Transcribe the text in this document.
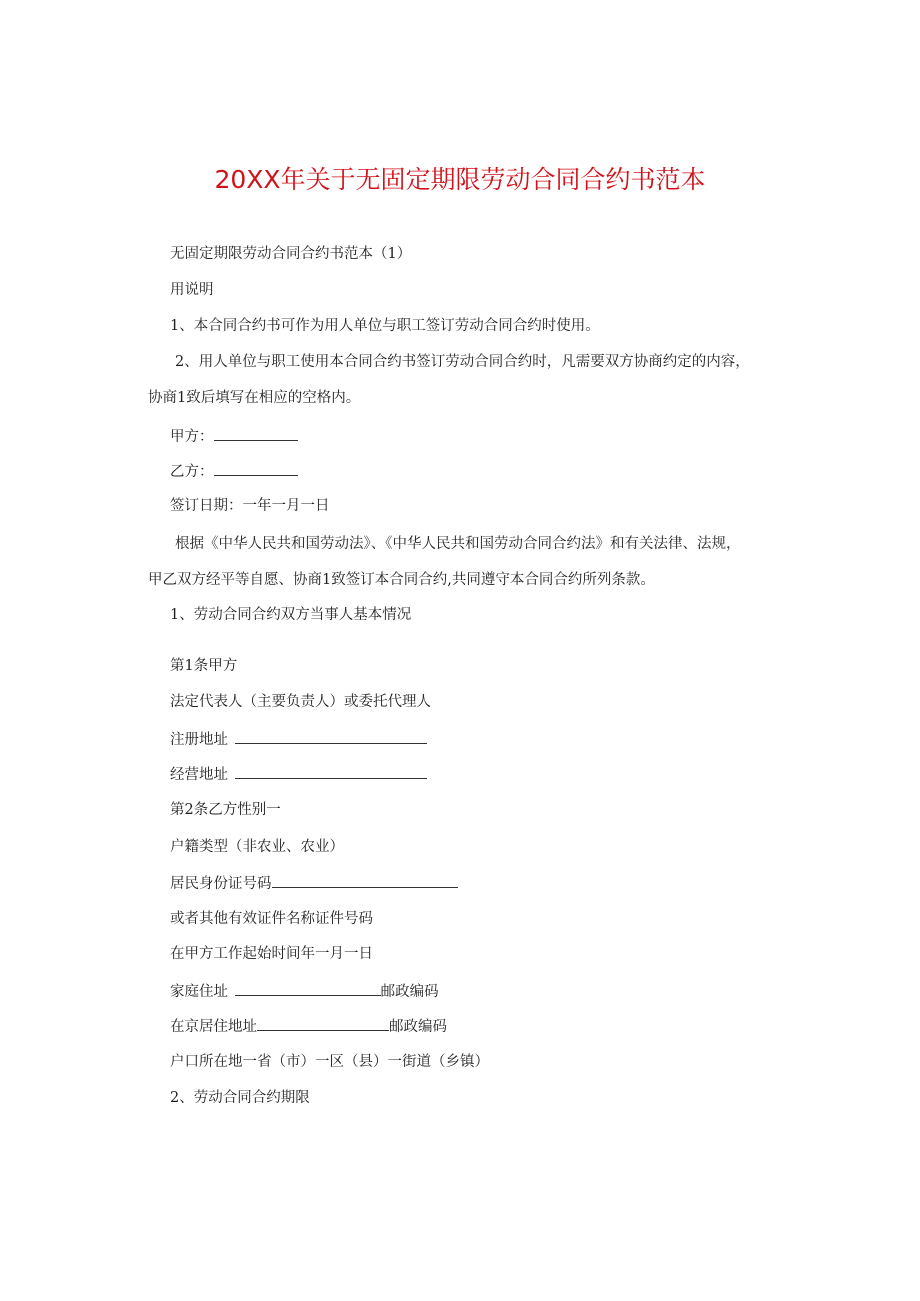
20XX年关于无固定期限劳动合同合约书范本
无固定期限劳动合同合约书范本（1）
用说明
1、本合同合约书可作为用人单位与职工签订劳动合同合约时使用。
2、用人单位与职工使用本合同合约书签订劳动合同合约时，凡需要双方协商约定的内容，
协商1致后填写在相应的空格内。
甲方：
乙方：
签订日期：一年一月一日
根据《中华人民共和国劳动法》、《中华人民共和国劳动合同合约法》和有关法律、法规，
甲乙双方经平等自愿、协商1致签订本合同合约,共同遵守本合同合约所列条款。
1、劳动合同合约双方当事人基本情况
第1条甲方
法定代表人（主要负责人）或委托代理人
注册地址
经营地址
第2条乙方性别一
户籍类型（非农业、农业）
居民身份证号码
或者其他有效证件名称证件号码
在甲方工作起始时间年一月一日
家庭住址	邮政编码
在京居住地址	邮政编码
户口所在地一省（市）一区（县）一街道（乡镇）
2、劳动合同合约期限
